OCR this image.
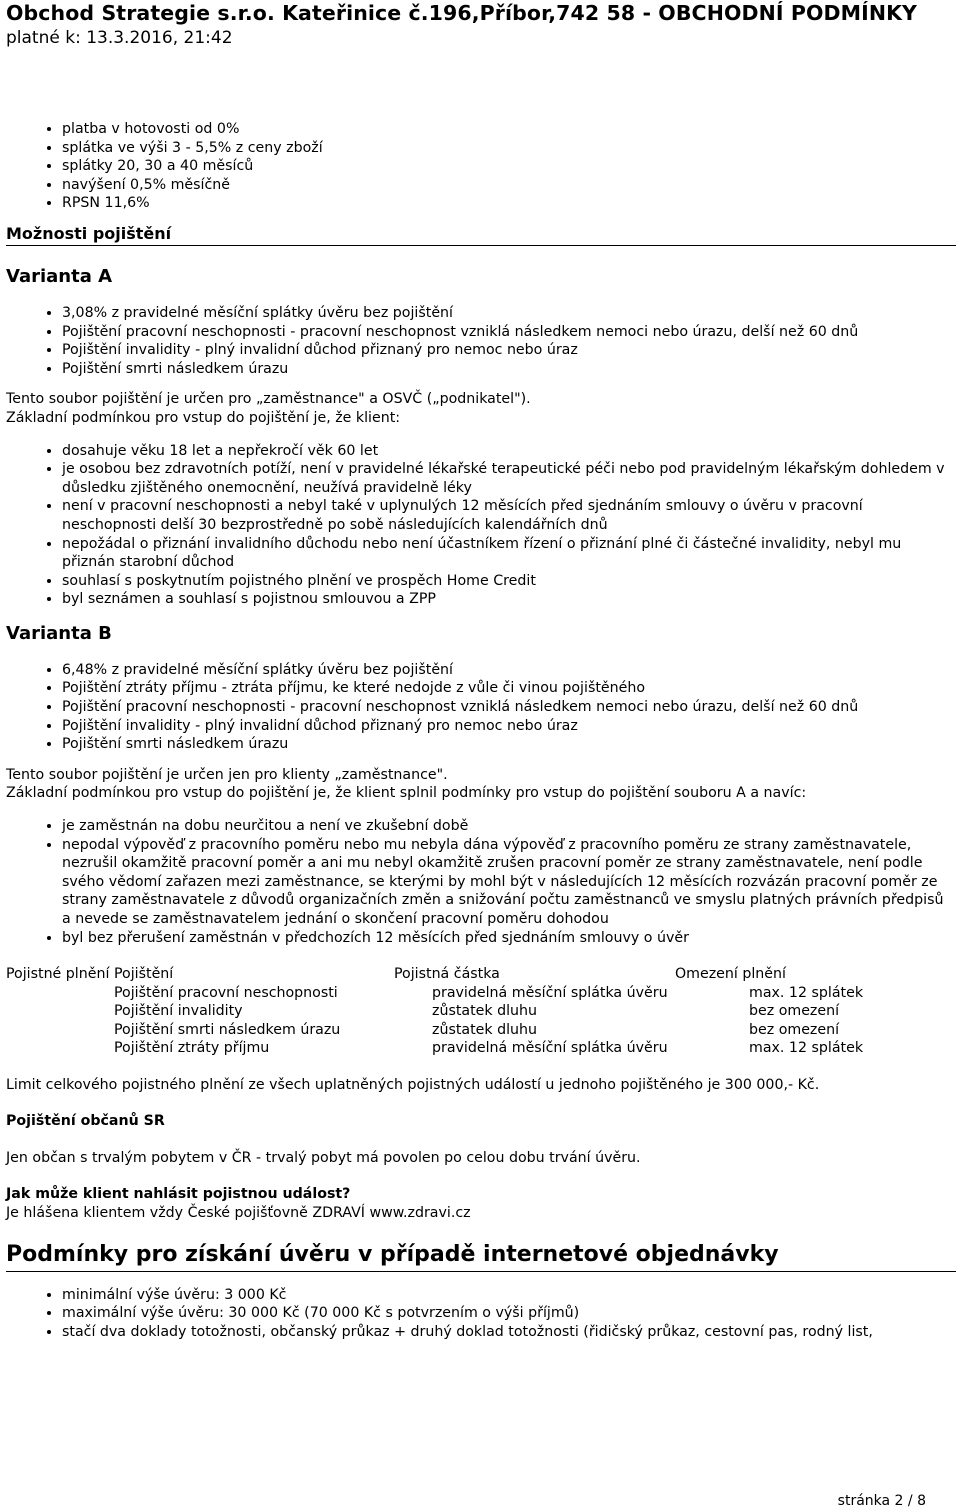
Obchod Strategie s.r.o. Kateřinice č.196,Příbor,742 58 - OBCHODNÍ PODMÍNKY
platné k: 13.3.2016, 21:42
• platba v hotovosti od 0%
• splátka ve výši 3 - 5,5% z ceny zboží
• splátky 20, 30 a 40 měsíců
• navýšení 0,5% měsíčně
• RPSN 11,6%
Možnosti pojištění
Varianta A
• 3,08% z pravidelné měsíční splátky úvěru bez pojištění
• Pojištění pracovní neschopnosti - pracovní neschopnost vzniklá následkem nemoci nebo úrazu, delší než 60 dnů
• Pojištění invalidity - plný invalidní důchod přiznaný pro nemoc nebo úraz
• Pojištění smrti následkem úrazu

Tento soubor pojištění je určen pro „zaměstnance" a OSVČ („podnikatel").

Základní podmínkou pro vstup do pojištění je, že klient:

• dosahuje věku 18 let a nepřekročí věk 60 let
• je osobou bez zdravotních potíží, není v pravidelné lékařské terapeutické péči nebo pod pravidelným lékařským dohledem v důsledku zjištěného onemocnění, neužívá pravidelně léky
• není v pracovní neschopnosti a nebyl také v uplynulých 12 měsících před sjednáním smlouvy o úvěru v pracovní neschopnosti delší 30 bezprostředně po sobě následujících kalendářních dnů
• nepožádal o přiznání invalidního důchodu nebo není účastníkem řízení o přiznání plné či částečné invalidity, nebyl mu přiznán starobní důchod
• souhlasí s poskytnutím pojistného plnění ve prospěch Home Credit
• byl seznámen a souhlasí s pojistnou smlouvou a ZPP
Varianta B
• 6,48% z pravidelné měsíční splátky úvěru bez pojištění
• Pojištění ztráty příjmu - ztráta příjmu, ke které nedojde z vůle či vinou pojištěného
• Pojištění pracovní neschopnosti - pracovní neschopnost vzniklá následkem nemoci nebo úrazu, delší než 60 dnů
• Pojištění invalidity - plný invalidní důchod přiznaný pro nemoc nebo úraz
• Pojištění smrti následkem úrazu

Tento soubor pojištění je určen jen pro klienty „zaměstnance".

Základní podmínkou pro vstup do pojištění je, že klient splnil podmínky pro vstup do pojištění souboru A a navíc:

• je zaměstnán na dobu neurčitou a není ve zkušební době
• nepodal výpověď z pracovního poměru nebo mu nebyla dána výpověď z pracovního poměru ze strany zaměstnavatele, nezrušil okamžitě pracovní poměr a ani mu nebyl okamžitě zrušen pracovní poměr ze strany zaměstnavatele, není podle svého vědomí zařazen mezi zaměstnance, se kterými by mohl být v následujících 12 měsících rozvázán pracovní poměr ze strany zaměstnavatele z důvodů organizačních změn a snižování počtu zaměstnanců ve smyslu platných právních předpisů a nevede se zaměstnavatelem jednání o skončení pracovní poměru dohodou
• byl bez přerušení zaměstnán v předchozích 12 měsících před sjednáním smlouvy o úvěr
Pojistné plnění Pojištění	Pojistná částka	Omezení plnění
Pojištění pracovní neschopnosti	pravidelná měsíční splátka úvěru	max. 12 splátek
Pojištění invalidity	zůstatek dluhu	bez omezení
Pojištění smrti následkem úrazu	zůstatek dluhu	bez omezení
Pojištění ztráty příjmu	pravidelná měsíční splátka úvěru	max. 12 splátek

Limit celkového pojistného plnění ze všech uplatněných pojistných událostí u jednoho pojištěného je 300 000,- Kč.

Pojištění občanů SR

Jen občan s trvalým pobytem v ČR - trvalý pobyt má povolen po celou dobu trvání úvěru.

Jak může klient nahlásit pojistnou událost?

Je hlášena klientem vždy České pojišťovně ZDRAVÍ www.zdravi.cz

Podmínky pro získání úvěru v případě internetové objednávky
• minimální výše úvěru: 3 000 Kč
• maximální výše úvěru: 30 000 Kč (70 000 Kč s potvrzením o výši příjmů)
• stačí dva doklady totožnosti, občanský průkaz + druhý doklad totožnosti (řidičský průkaz, cestovní pas, rodný list,
stránka 2 / 8
